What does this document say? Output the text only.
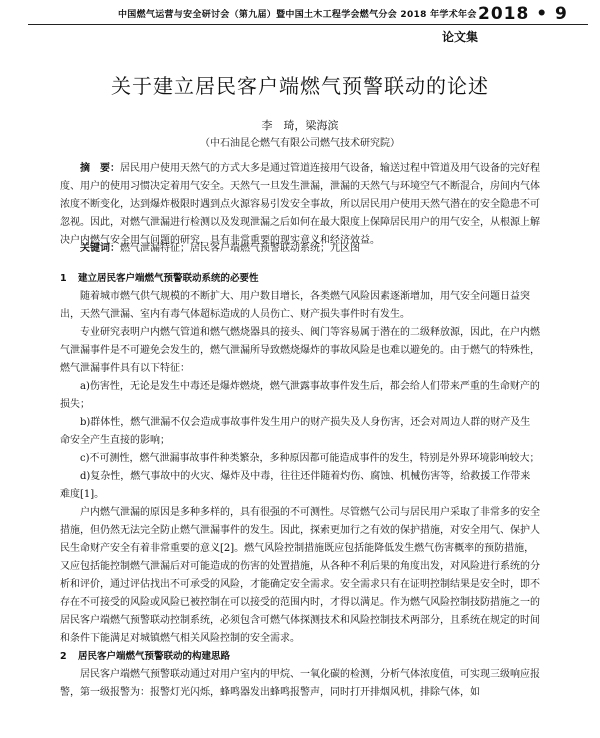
中国燃气运营与安全研讨会（第九届）暨中国土木工程学会燃气分会 2018 年学术年会 2018 • 9
论文集
关于建立居民客户端燃气预警联动的论述
李　琦，梁海滨
（中石油昆仑燃气有限公司燃气技术研究院）

摘　要：居民用户使用天然气的方式大多是通过管道连接用气设备，输送过程中管道及用气设备的完好程度、用户的使用习惯决定着用气安全。天然气一旦发生泄漏，泄漏的天然气与环境空气不断混合，房间内气体浓度不断变化，达到爆炸极限时遇到点火源容易引发安全事故，所以居民用户使用天然气潜在的安全隐患不可忽视。因此，对燃气泄漏进行检测以及发现泄漏之后如何在最大限度上保障居民用户的用气安全，从根源上解决户内燃气安全用气问题的研究，具有非常重要的现实意义和经济效益。

关键词：燃气泄漏特征；居民客户端燃气预警联动系统；九区图

1 建立居民客户端燃气预警联动系统的必要性

随着城市燃气供气规模的不断扩大、用户数目增长，各类燃气风险因素逐渐增加，用气安全问题日益突出，天然气泄漏、室内有毒气体超标造成的人员伤亡、财产损失事件时有发生。

专业研究表明户内燃气管道和燃气燃烧器具的接头、阀门等容易属于潜在的二级释放源，因此，在户内燃气泄漏事件是不可避免会发生的，燃气泄漏所导致燃烧爆炸的事故风险是也难以避免的。由于燃气的特殊性，燃气泄漏事件具有以下特征：

a)伤害性，无论是发生中毒还是爆炸燃烧，燃气泄露事故事件发生后，都会给人们带来严重的生命财产的损失；

b)群体性，燃气泄漏不仅会造成事故事件发生用户的财产损失及人身伤害，还会对周边人群的财产及生命安全产生直接的影响；

c)不可测性，燃气泄漏事故事件种类繁杂，多种原因都可能造成事件的发生，特别是外界环境影响较大；

d)复杂性，燃气事故中的火灾、爆炸及中毒，往往还伴随着灼伤、腐蚀、机械伤害等，给救援工作带来难度[1]。

户内燃气泄漏的原因是多种多样的，具有很强的不可测性。尽管燃气公司与居民用户采取了非常多的安全措施，但仍然无法完全防止燃气泄漏事件的发生。因此，探索更加行之有效的保护措施，对安全用气、保护人民生命财产安全有着非常重要的意义[2]。燃气风险控制措施既应包括能降低发生燃气伤害概率的预防措施，又应包括能控制燃气泄漏后对可能造成的伤害的处置措施，从各种不利后果的角度出发，对风险进行系统的分析和评价，通过评估找出不可承受的风险，才能确定安全需求。安全需求只有在证明控制结果是安全时，即不存在不可接受的风险或风险已被控制在可以接受的范围内时，才得以满足。作为燃气风险控制技防措施之一的居民客户端燃气预警联动控制系统，必须包含可燃气体探测技术和风险控制技术两部分，且系统在规定的时间和条件下能满足对城镇燃气相关风险控制的安全需求。

2 居民客户端燃气预警联动的构建思路

居民客户端燃气预警联动通过对用户室内的甲烷、一氧化碳的检测，分析气体浓度值，可实现三级响应报警，第一级报警为：报警灯光闪烁，蜂鸣器发出蜂鸣报警声，同时打开排烟风机，排除气体，如
